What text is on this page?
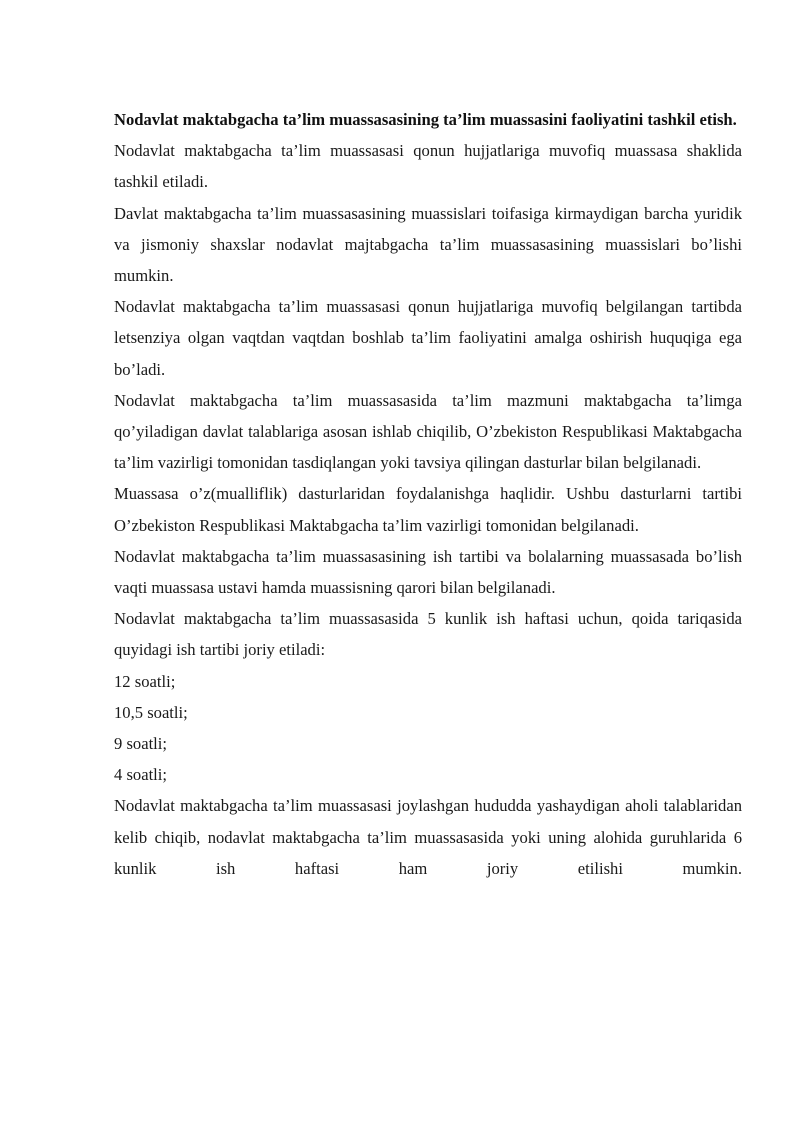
Nodavlat maktabgacha ta’lim muassasasining ta’lim muassasini faoliyatini tashkil etish.

Nodavlat maktabgacha ta’lim muassasasi qonun hujjatlariga muvofiq muassasa shaklida tashkil etiladi.

Davlat maktabgacha ta’lim muassasasining muassislari toifasiga kirmaydigan barcha yuridik va jismoniy shaxslar nodavlat majtabgacha ta’lim muassasasining muassislari bo’lishi mumkin.

Nodavlat maktabgacha ta’lim muassasasi qonun hujjatlariga muvofiq belgilangan tartibda letsenziya olgan vaqtdan vaqtdan boshlab ta’lim faoliyatini amalga oshirish huquqiga ega bo’ladi.

Nodavlat maktabgacha ta’lim muassasasida ta’lim mazmuni maktabgacha ta’limga qo’yiladigan davlat talablariga asosan ishlab chiqilib, O’zbekiston Respublikasi Maktabgacha ta’lim vazirligi tomonidan tasdiqlangan yoki tavsiya qilingan dasturlar bilan belgilanadi.

Muassasa o’z(mualliflik) dasturlaridan foydalanishga haqlidir. Ushbu dasturlarni tartibi O’zbekiston Respublikasi Maktabgacha ta’lim vazirligi tomonidan belgilanadi.

Nodavlat maktabgacha ta’lim muassasasining ish tartibi va bolalarning muassasada bo’lish vaqti muassasa ustavi hamda muassisning qarori bilan belgilanadi.

Nodavlat maktabgacha ta’lim muassasasida 5 kunlik ish haftasi uchun, qoida tariqasida quyidagi ish tartibi joriy etiladi:

12 soatli;

10,5 soatli;

9 soatli;

4 soatli;

Nodavlat maktabgacha ta’lim muassasasi joylashgan hududda yashaydigan aholi talablaridan kelib chiqib, nodavlat maktabgacha ta’lim muassasasida yoki uning alohida guruhlarida 6 kunlik ish haftasi ham joriy etilishi mumkin.
